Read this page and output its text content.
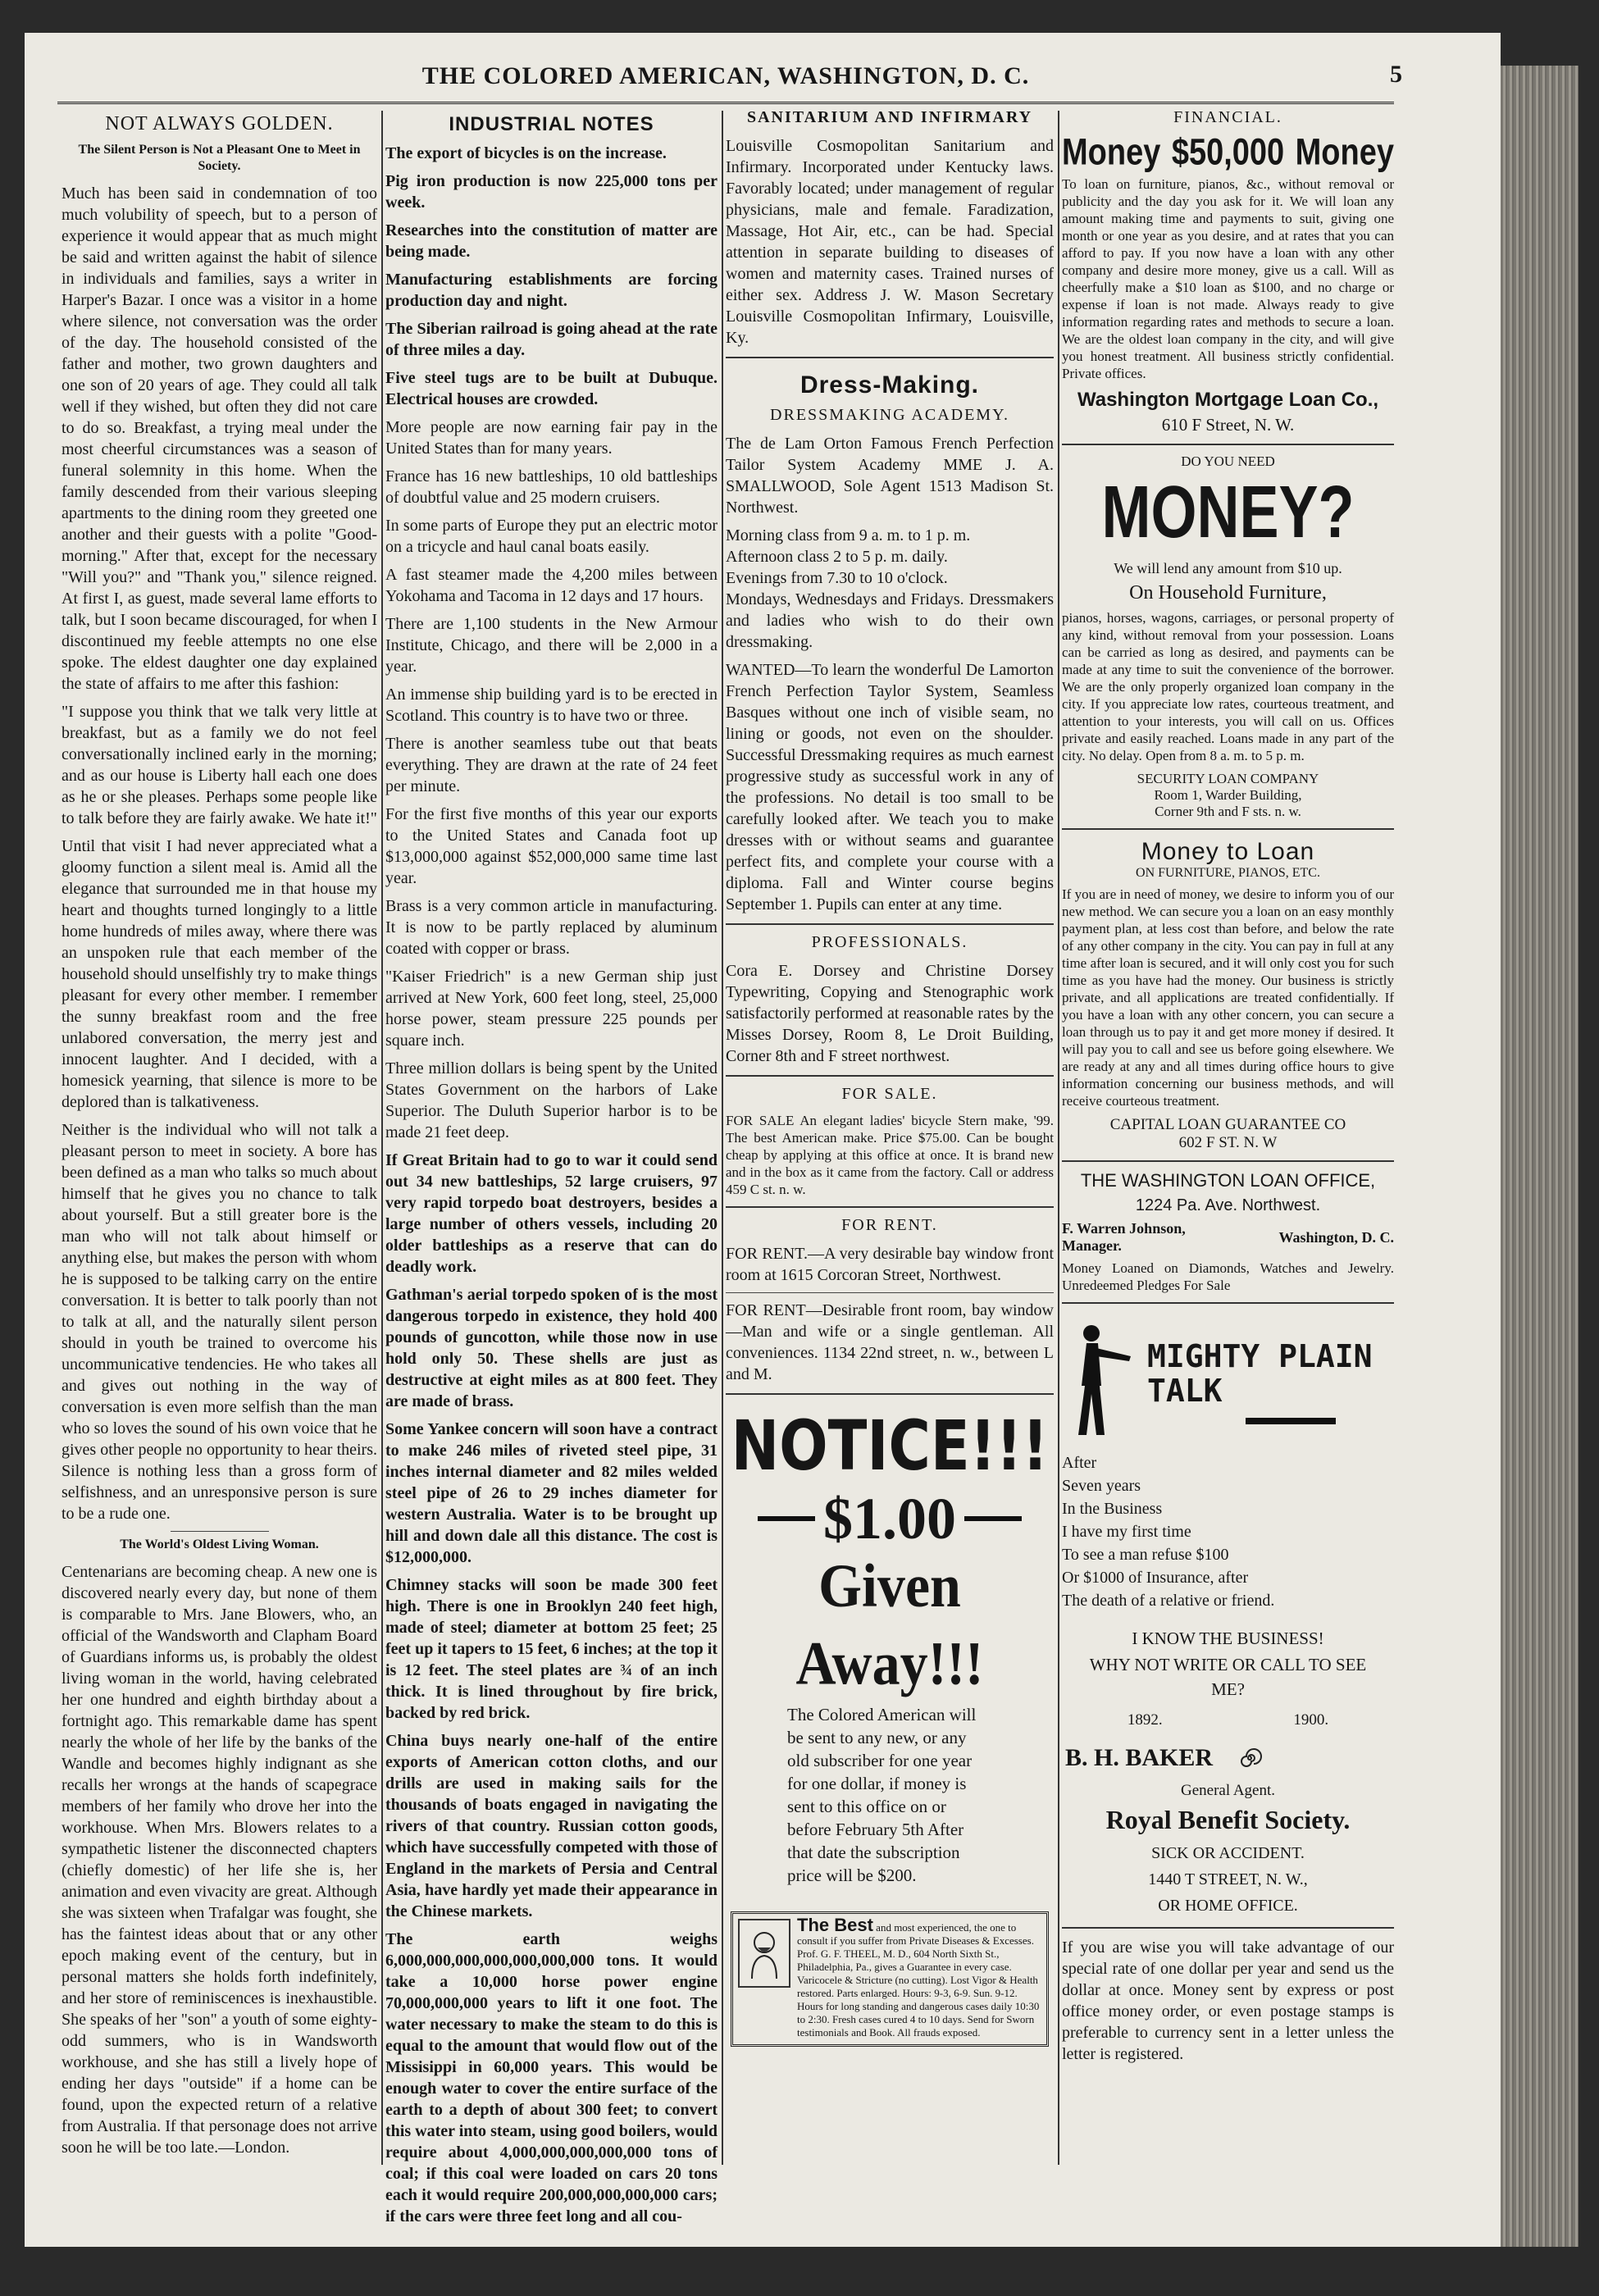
THE COLORED AMERICAN, WASHINGTON, D. C.	5
NOT ALWAYS GOLDEN.
The Silent Person is Not a Pleasant One to Meet in Society.

Much has been said in condemnation of too much volubility of speech, but to a person of experience it would appear that as much might be said and written against the habit of silence in individuals and families, says a writer in Harper's Bazar. I once was a visitor in a home where silence, not conversation was the order of the day. The household consisted of the father and mother, two grown daughters and one son of 20 years of age. They could all talk well if they wished, but often they did not care to do so. Breakfast, a trying meal under the most cheerful circumstances was a season of funeral solemnity in this home. When the family descended from their various sleeping apartments to the dining room they greeted one another and their guests with a polite "Good-morning." After that, except for the necessary "Will you?" and "Thank you," silence reigned. At first I, as guest, made several lame efforts to talk, but I soon became discouraged, for when I discontinued my feeble attempts no one else spoke. The eldest daughter one day explained the state of affairs to me after this fashion:

"I suppose you think that we talk very little at breakfast, but as a family we do not feel conversationally inclined early in the morning; and as our house is Liberty hall each one does as he or she pleases. Perhaps some people like to talk before they are fairly awake. We hate it!"

Until that visit I had never appreciated what a gloomy function a silent meal is. Amid all the elegance that surrounded me in that house my heart and thoughts turned longingly to a little home hundreds of miles away, where there was an unspoken rule that each member of the household should unselfishly try to make things pleasant for every other member. I remember the sunny breakfast room and the free unlabored conversation, the merry jest and innocent laughter. And I decided, with a homesick yearning, that silence is more to be deplored than is talkativeness.

Neither is the individual who will not talk a pleasant person to meet in society. A bore has been defined as a man who talks so much about himself that he gives you no chance to talk about yourself. But a still greater bore is the man who will not talk about himself or anything else, but makes the person with whom he is supposed to be talking carry on the entire conversation. It is better to talk poorly than not to talk at all, and the naturally silent person should in youth be trained to overcome his uncommunicative tendencies. He who takes all and gives out nothing in the way of conversation is even more selfish than the man who so loves the sound of his own voice that he gives other people no opportunity to hear theirs. Silence is nothing less than a gross form of selfishness, and an unresponsive person is sure to be a rude one.

The World's Oldest Living Woman.

Centenarians are becoming cheap. A new one is discovered nearly every day, but none of them is comparable to Mrs. Jane Blowers, who, an official of the Wandsworth and Clapham Board of Guardians informs us, is probably the oldest living woman in the world, having celebrated her one hundred and eighth birthday about a fortnight ago. This remarkable dame has spent nearly the whole of her life by the banks of the Wandle and becomes highly indignant as she recalls her wrongs at the hands of scapegrace members of her family who drove her into the workhouse. When Mrs. Blowers relates to a sympathetic listener the disconnected chapters (chiefly domestic) of her life she is, her animation and even vivacity are great. Although she was sixteen when Trafalgar was fought, she has the faintest ideas about that or any other epoch making event of the century, but in personal matters she holds forth indefinitely, and her store of reminiscences is inexhaustible. She speaks of her "son" a youth of some eighty-odd summers, who is in Wandsworth workhouse, and she has still a lively hope of ending her days "outside" if a home can be found, upon the expected return of a relative from Australia. If that personage does not arrive soon he will be too late.—London.

INDUSTRIAL NOTES

The export of bicycles is on the increase.

Pig iron production is now 225,000 tons per week.

Researches into the constitution of matter are being made.

Manufacturing establishments are forcing production day and night.

The Siberian railroad is going ahead at the rate of three miles a day.

Five steel tugs are to be built at Dubuque. Electrical houses are crowded.

More people are now earning fair pay in the United States than for many years.

France has 16 new battleships, 10 old battleships of doubtful value and 25 modern cruisers.

In some parts of Europe they put an electric motor on a tricycle and haul canal boats easily.

A fast steamer made the 4,200 miles between Yokohama and Tacoma in 12 days and 17 hours.

There are 1,100 students in the New Armour Institute, Chicago, and there will be 2,000 in a year.

An immense ship building yard is to be erected in Scotland. This country is to have two or three.

There is another seamless tube out that beats everything. They are drawn at the rate of 24 feet per minute.

For the first five months of this year our exports to the United States and Canada foot up $13,000,000 against $52,000,000 same time last year.

Brass is a very common article in manufacturing. It is now to be partly replaced by aluminum coated with copper or brass.

"Kaiser Friedrich" is a new German ship just arrived at New York, 600 feet long, steel, 25,000 horse power, steam pressure 225 pounds per square inch.

Three million dollars is being spent by the United States Government on the harbors of Lake Superior. The Duluth Superior harbor is to be made 21 feet deep.

If Great Britain had to go to war it could send out 34 new battleships, 52 large cruisers, 97 very rapid torpedo boat destroyers, besides a large number of others vessels, including 20 older battleships as a reserve that can do deadly work.

Gathman's aerial torpedo spoken of is the most dangerous torpedo in existence, they hold 400 pounds of guncotton, while those now in use hold only 50. These shells are just as destructive at eight miles as at 800 feet. They are made of brass.

Some Yankee concern will soon have a contract to make 246 miles of riveted steel pipe, 31 inches internal diameter and 82 miles welded steel pipe of 26 to 29 inches diameter for western Australia. Water is to be brought up hill and down dale all this distance. The cost is $12,000,000.

Chimney stacks will soon be made 300 feet high. There is one in Brooklyn 240 feet high, made of steel; diameter at bottom 25 feet; 25 feet up it tapers to 15 feet, 6 inches; at the top it is 12 feet. The steel plates are ¾ of an inch thick. It is lined throughout by fire brick, backed by red brick.

China buys nearly one-half of the entire exports of American cotton cloths, and our drills are used in making sails for the thousands of boats engaged in navigating the rivers of that country. Russian cotton goods, which have successfully competed with those of England in the markets of Persia and Central Asia, have hardly yet made their appearance in the Chinese markets.

The earth weighs 6,000,000,000,000,000,000,000 tons. It would take a 10,000 horse power engine 70,000,000,000 years to lift it one foot. The water necessary to make the steam to do this is equal to the amount that would flow out of the Missisippi in 60,000 years. This would be enough water to cover the entire surface of the earth to a depth of about 300 feet; to convert this water into steam, using good boilers, would require about 4,000,000,000,000,000 tons of coal; if this coal were loaded on cars 20 tons each it would require 200,000,000,000,000 cars; if the cars were three feet long and all cou-

SANITARIUM AND INFIRMARY

Louisville Cosmopolitan Sanitarium and Infirmary. Incorporated under Kentucky laws. Favorably located; under management of regular physicians, male and female. Faradization, Massage, Hot Air, etc., can be had. Special attention in separate building to diseases of women and maternity cases. Trained nurses of either sex. Address J. W. Mason Secretary Louisville Cosmopolitan Infirmary, Louisville, Ky.

Dress-Making.
DRESSMAKING ACADEMY.

The de Lam Orton Famous French Perfection Tailor System Academy MME J. A. SMALLWOOD, Sole Agent 1513 Madison St. Northwest.

Morning class from 9 a. m. to 1 p. m.

Afternoon class 2 to 5 p. m. daily.

Evenings from 7.30 to 10 o'clock.

Mondays, Wednesdays and Fridays. Dressmakers and ladies who wish to do their own dressmaking.

WANTED—To learn the wonderful De Lamorton French Perfection Taylor System, Seamless Basques without one inch of visible seam, no lining or goods, not even on the shoulder. Successful Dressmaking requires as much earnest progressive study as successful work in any of the professions. No detail is too small to be carefully looked after. We teach you to make dresses with or without seams and guarantee perfect fits, and complete your course with a diploma. Fall and Winter course begins September 1. Pupils can enter at any time.

PROFESSIONALS.

Cora E. Dorsey and Christine Dorsey Typewriting, Copying and Stenographic work satisfactorily performed at reasonable rates by the Misses Dorsey, Room 8, Le Droit Building, Corner 8th and F street northwest.

FOR SALE.

FOR SALE An elegant ladies' bicycle Stern make, '99. The best American make. Price $75.00. Can be bought cheap by applying at this office at once. It is brand new and in the box as it came from the factory. Call or address 459 C st. n. w.

FOR RENT.

FOR RENT.—A very desirable bay window front room at 1615 Corcoran Street, Northwest.

FOR RENT—Desirable front room, bay window—Man and wife or a single gentleman. All conveniences. 1134 22nd street, n. w., between L and M.

NOTICE!!!
$1.00
Given Away!!!
The Colored American will be sent to any new, or any old subscriber for one year for one dollar, if money is sent to this office on or before February 5th After that date the subscription price will be $200.
The Best and most experienced, the one to consult if you suffer from Private Diseases & Excesses. Prof. G. F. THEEL, M. D., 604 North Sixth St., Philadelphia, Pa., gives a Guarantee in every case. Varicocele & Stricture (no cutting). Lost Vigor & Health restored. Parts enlarged. Hours: 9-3, 6-9. Sun. 9-12. Hours for long standing and dangerous cases daily 10:30 to 2:30. Fresh cases cured 4 to 10 days. Send for Sworn testimonials and Book. All frauds exposed.
FINANCIAL.
Money $50,000 Money

To loan on furniture, pianos, &c., without removal or publicity and the day you ask for it. We will loan any amount making time and payments to suit, giving one month or one year as you desire, and at rates that you can afford to pay. If you now have a loan with any other company and desire more money, give us a call. Will as cheerfully make a $10 loan as $100, and no charge or expense if loan is not made. Always ready to give information regarding rates and methods to secure a loan. We are the oldest loan company in the city, and will give you honest treatment. All business strictly confidential. Private offices.

Washington Mortgage Loan Co.,
610 F Street, N. W.
DO YOU NEED
MONEY?
We will lend any amount from $10 up.
On Household Furniture,

pianos, horses, wagons, carriages, or personal property of any kind, without removal from your possession. Loans can be carried as long as desired, and payments can be made at any time to suit the convenience of the borrower. We are the only properly organized loan company in the city. If you appreciate low rates, courteous treatment, and attention to your interests, you will call on us. Offices private and easily reached. Loans made in any part of the city. No delay. Open from 8 a. m. to 5 p. m.

SECURITY LOAN COMPANY
Room 1, Warder Building,
Corner 9th and F sts. n. w.
Money to Loan
ON FURNITURE, PIANOS, ETC.

If you are in need of money, we desire to inform you of our new method. We can secure you a loan on an easy monthly payment plan, at less cost than before, and below the rate of any other company in the city. You can pay in full at any time after loan is secured, and it will only cost you for such time as you have had the money. Our business is strictly private, and all applications are treated confidentially. If you have a loan with any other concern, you can secure a loan through us to pay it and get more money if desired. It will pay you to call and see us before going elsewhere. We are ready at any and all times during office hours to give information concerning our business methods, and will receive courteous treatment.

CAPITAL LOAN GUARANTEE CO
602 F ST. N. W
THE WASHINGTON LOAN OFFICE,
1224 Pa. Ave. Northwest.
F. Warren Johnson, Manager.
Washington, D. C.

Money Loaned on Diamonds, Watches and Jewelry. Unredeemed Pledges For Sale

MIGHTY PLAIN TALK
After
Seven years
In the Business
I have my first time
To see a man refuse $100
Or $1000 of Insurance, after
The death of a relative or friend.
I KNOW THE BUSINESS!
WHY NOT WRITE OR CALL TO SEE ME?
1892.	1900.
B. H. BAKER
General Agent.
Royal Benefit Society.
SICK OR ACCIDENT.
1440 T STREET, N. W.,
OR HOME OFFICE.

If you are wise you will take advantage of our special rate of one dollar per year and send us the dollar at once. Money sent by express or post office money order, or even postage stamps is preferable to currency sent in a letter unless the letter is registered.
